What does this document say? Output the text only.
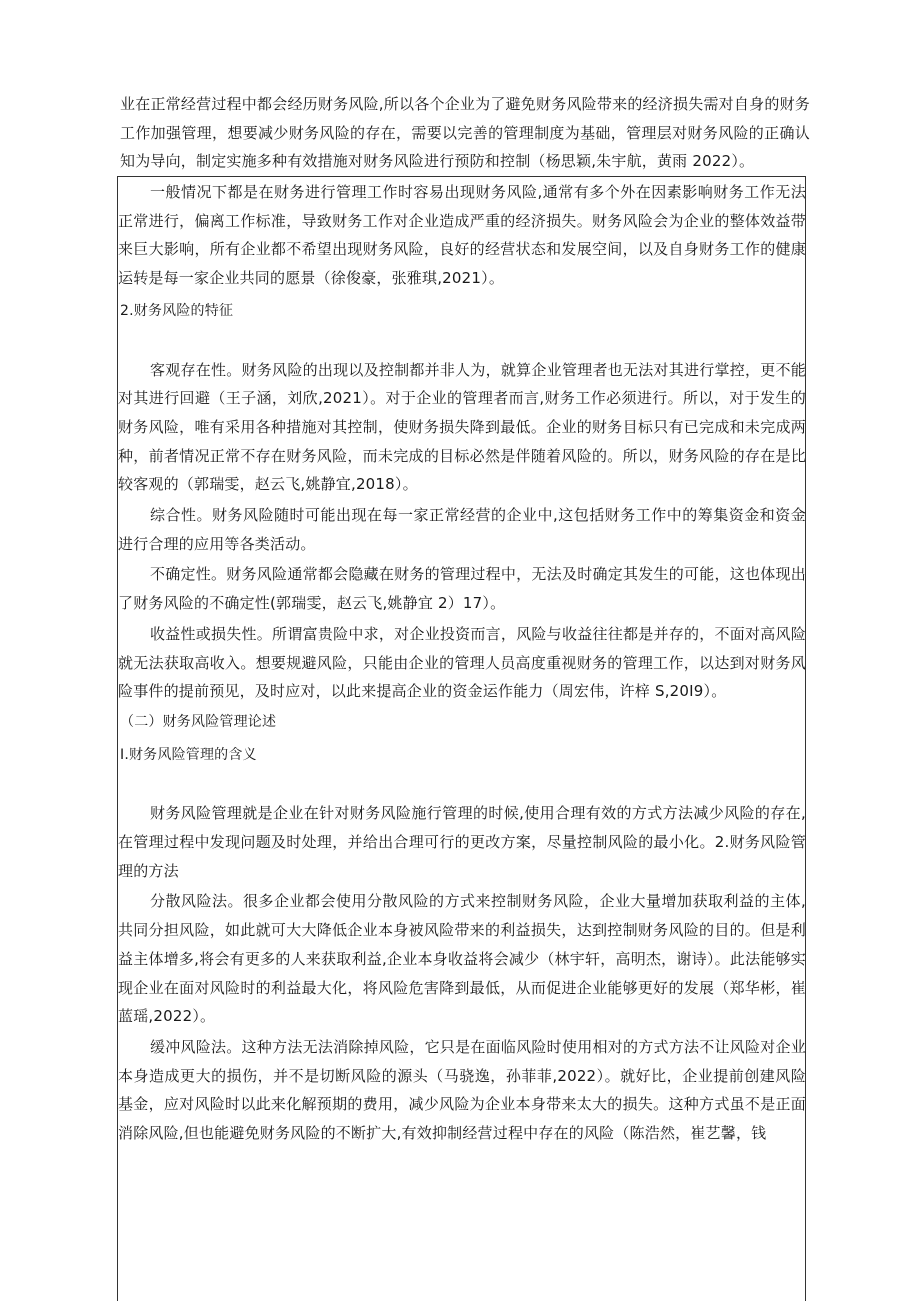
业在正常经营过程中都会经历财务风险,所以各个企业为了避免财务风险带来的经济损失需对自身的财务工作加强管理，想要减少财务风险的存在，需要以完善的管理制度为基础，管理层对财务风险的正确认知为导向，制定实施多种有效措施对财务风险进行预防和控制（杨思颖,朱宇航，黄雨 2022）。

一般情况下都是在财务进行管理工作时容易出现财务风险,通常有多个外在因素影响财务工作无法正常进行，偏离工作标准，导致财务工作对企业造成严重的经济损失。财务风险会为企业的整体效益带来巨大影响，所有企业都不希望出现财务风险，良好的经营状态和发展空间，以及自身财务工作的健康运转是每一家企业共同的愿景（徐俊豪，张雅琪,2021）。

2.财务风险的特征

客观存在性。财务风险的出现以及控制都并非人为，就算企业管理者也无法对其进行掌控，更不能对其进行回避（王子涵，刘欣,2021）。对于企业的管理者而言,财务工作必须进行。所以，对于发生的财务风险，唯有采用各种措施对其控制，使财务损失降到最低。企业的财务目标只有已完成和未完成两种，前者情况正常不存在财务风险，而未完成的目标必然是伴随着风险的。所以，财务风险的存在是比较客观的（郭瑞雯，赵云飞,姚静宜,2018）。

综合性。财务风险随时可能出现在每一家正常经营的企业中,这包括财务工作中的筹集资金和资金进行合理的应用等各类活动。

不确定性。财务风险通常都会隐藏在财务的管理过程中，无法及时确定其发生的可能，这也体现出了财务风险的不确定性(郭瑞雯，赵云飞,姚静宜 2）17）。

收益性或损失性。所谓富贵险中求，对企业投资而言，风险与收益往往都是并存的，不面对高风险就无法获取高收入。想要规避风险，只能由企业的管理人员高度重视财务的管理工作，以达到对财务风险事件的提前预见，及时应对，以此来提高企业的资金运作能力（周宏伟，许梓 S,20I9）。

（二）财务风险管理论述

I.财务风险管理的含义

财务风险管理就是企业在针对财务风险施行管理的时候,使用合理有效的方式方法减少风险的存在,在管理过程中发现问题及时处理，并给出合理可行的更改方案，尽量控制风险的最小化。2.财务风险管理的方法

分散风险法。很多企业都会使用分散风险的方式来控制财务风险，企业大量增加获取利益的主体,共同分担风险，如此就可大大降低企业本身被风险带来的利益损失，达到控制财务风险的目的。但是利益主体增多,将会有更多的人来获取利益,企业本身收益将会减少（林宇轩，高明杰，谢诗）。此法能够实现企业在面对风险时的利益最大化，将风险危害降到最低，从而促进企业能够更好的发展（郑华彬，崔蓝瑶,2022）。

缓冲风险法。这种方法无法消除掉风险，它只是在面临风险时使用相对的方式方法不让风险对企业本身造成更大的损伤，并不是切断风险的源头（马骁逸，孙菲菲,2022）。就好比，企业提前创建风险基金，应对风险时以此来化解预期的费用，减少风险为企业本身带来太大的损失。这种方式虽不是正面消除风险,但也能避免财务风险的不断扩大,有效抑制经营过程中存在的风险（陈浩然，崔艺馨，钱
